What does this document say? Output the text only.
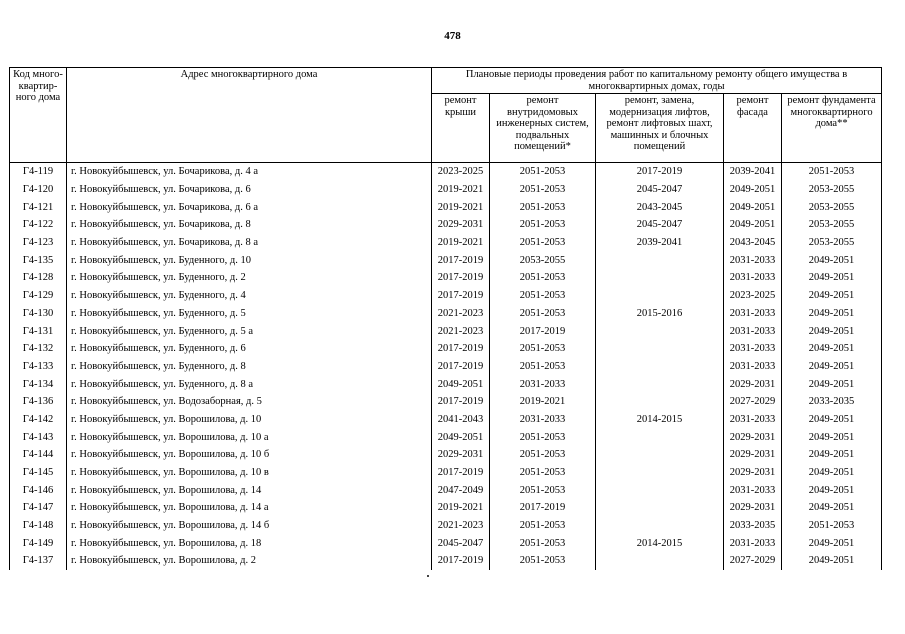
478
Код много-квартир-ного дома	Адрес многоквартирного дома	Плановые периоды проведения работ по капитальному ремонту общего имущества в многоквартирных домах, годы				
		ремонт крыши	ремонт внутридомовых инженерных систем, подвальных помещений*	ремонт, замена, модернизация лифтов, ремонт лифтовых шахт, машинных и блочных помещений	ремонт фасада	ремонт фундамента многоквартирного дома**
Г4-119	г. Новокуйбышевск, ул. Бочарикова, д. 4 а	2023-2025	2051-2053	2017-2019	2039-2041	2051-2053
Г4-120	г. Новокуйбышевск, ул. Бочарикова, д. 6	2019-2021	2051-2053	2045-2047	2049-2051	2053-2055
Г4-121	г. Новокуйбышевск, ул. Бочарикова, д. 6 а	2019-2021	2051-2053	2043-2045	2049-2051	2053-2055
Г4-122	г. Новокуйбышевск, ул. Бочарикова, д. 8	2029-2031	2051-2053	2045-2047	2049-2051	2053-2055
Г4-123	г. Новокуйбышевск, ул. Бочарикова, д. 8 а	2019-2021	2051-2053	2039-2041	2043-2045	2053-2055
Г4-135	г. Новокуйбышевск, ул. Буденного, д. 10	2017-2019	2053-2055		2031-2033	2049-2051
Г4-128	г. Новокуйбышевск, ул. Буденного, д. 2	2017-2019	2051-2053		2031-2033	2049-2051
Г4-129	г. Новокуйбышевск, ул. Буденного, д. 4	2017-2019	2051-2053		2023-2025	2049-2051
Г4-130	г. Новокуйбышевск, ул. Буденного, д. 5	2021-2023	2051-2053	2015-2016	2031-2033	2049-2051
Г4-131	г. Новокуйбышевск, ул. Буденного, д. 5 а	2021-2023	2017-2019		2031-2033	2049-2051
Г4-132	г. Новокуйбышевск, ул. Буденного, д. 6	2017-2019	2051-2053		2031-2033	2049-2051
Г4-133	г. Новокуйбышевск, ул. Буденного, д. 8	2017-2019	2051-2053		2031-2033	2049-2051
Г4-134	г. Новокуйбышевск, ул. Буденного, д. 8 а	2049-2051	2031-2033		2029-2031	2049-2051
Г4-136	г. Новокуйбышевск, ул. Водозаборная, д. 5	2017-2019	2019-2021		2027-2029	2033-2035
Г4-142	г. Новокуйбышевск, ул. Ворошилова, д. 10	2041-2043	2031-2033	2014-2015	2031-2033	2049-2051
Г4-143	г. Новокуйбышевск, ул. Ворошилова, д. 10 а	2049-2051	2051-2053		2029-2031	2049-2051
Г4-144	г. Новокуйбышевск, ул. Ворошилова, д. 10 б	2029-2031	2051-2053		2029-2031	2049-2051
Г4-145	г. Новокуйбышевск, ул. Ворошилова, д. 10 в	2017-2019	2051-2053		2029-2031	2049-2051
Г4-146	г. Новокуйбышевск, ул. Ворошилова, д. 14	2047-2049	2051-2053		2031-2033	2049-2051
Г4-147	г. Новокуйбышевск, ул. Ворошилова, д. 14 а	2019-2021	2017-2019		2029-2031	2049-2051
Г4-148	г. Новокуйбышевск, ул. Ворошилова, д. 14 б	2021-2023	2051-2053		2033-2035	2051-2053
Г4-149	г. Новокуйбышевск, ул. Ворошилова, д. 18	2045-2047	2051-2053	2014-2015	2031-2033	2049-2051
Г4-137	г. Новокуйбышевск, ул. Ворошилова, д. 2	2017-2019	2051-2053		2027-2029	2049-2051
